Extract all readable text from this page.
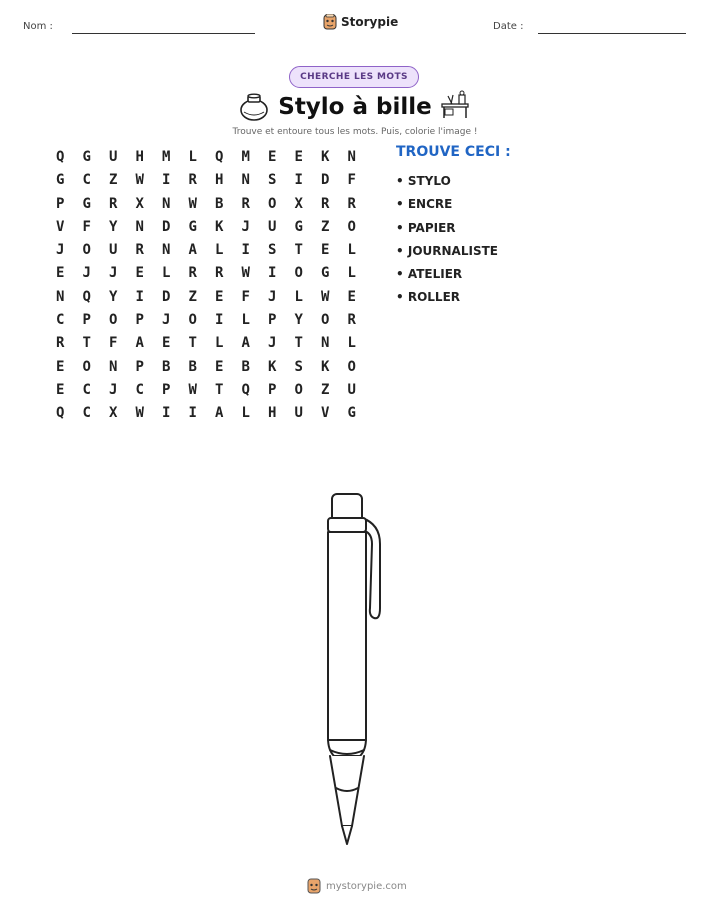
Nom :	Storypie	Date :
CHERCHE LES MOTS
Stylo à bille
Trouve et entoure tous les mots. Puis, colorie l'image !
Q	G	U	H	M	L	Q	M	E	E	K	N
G	C	Z	W	I	R	H	N	S	I	D	F
P	G	R	X	N	W	B	R	O	X	R	R
V	F	Y	N	D	G	K	J	U	G	Z	O
J	O	U	R	N	A	L	I	S	T	E	L
E	J	J	E	L	R	R	W	I	O	G	L
N	Q	Y	I	D	Z	E	F	J	L	W	E
C	P	O	P	J	O	I	L	P	Y	O	R
R	T	F	A	E	T	L	A	J	T	N	L
E	O	N	P	B	B	E	B	K	S	K	O
E	C	J	C	P	W	T	Q	P	O	Z	U
Q	C	X	W	I	I	A	L	H	U	V	G
TROUVE CECI :
• STYLO
• ENCRE
• PAPIER
• JOURNALISTE
• ATELIER
• ROLLER
mystorypie.com
